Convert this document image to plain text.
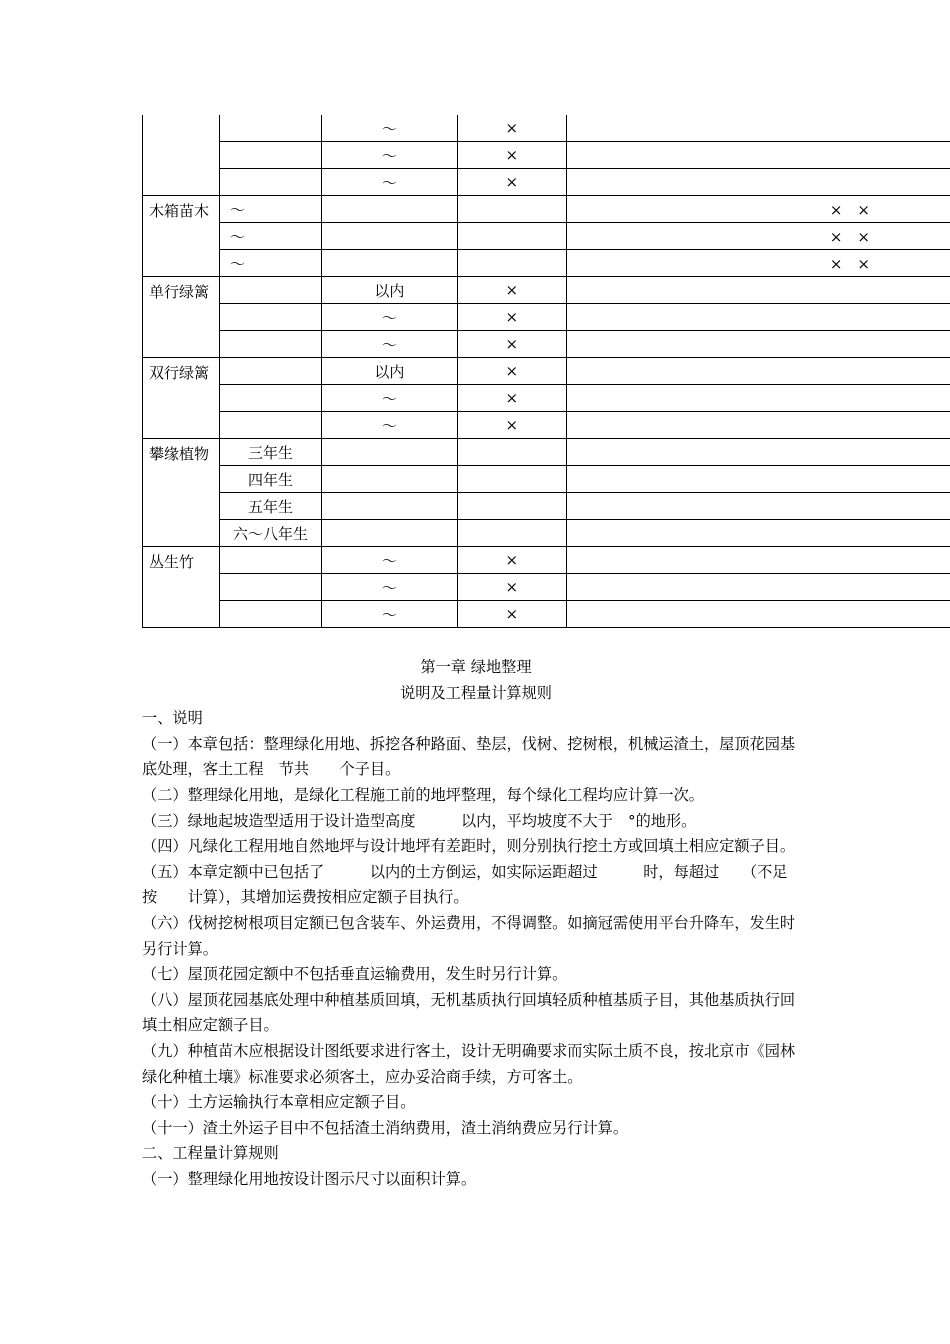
		～	×	
		～	×	
		～	×	
木箱苗木	～			×　×
	～			×　×
	～			×　×
单行绿篱		以内	×	
		～	×	
		～	×	
双行绿篱		以内	×	
		～	×	
		～	×	
攀缘植物	三年生			
	四年生			
	五年生			
	六～八年生			
丛生竹		～	×	
		～	×	
		～	×	

第一章 绿地整理

说明及工程量计算规则

一、说明

（一）本章包括：整理绿化用地、拆挖各种路面、垫层，伐树、挖树根，机械运渣土，屋顶花园基底处理，客土工程　节共　　个子目。

（二）整理绿化用地，是绿化工程施工前的地坪整理，每个绿化工程均应计算一次。

（三）绿地起坡造型适用于设计造型高度　　　以内，平均坡度不大于　°的地形。

（四）凡绿化工程用地自然地坪与设计地坪有差距时，则分别执行挖土方或回填土相应定额子目。

（五）本章定额中已包括了　　　以内的土方倒运，如实际运距超过　　　时，每超过　　（不足　　按　　计算），其增加运费按相应定额子目执行。

（六）伐树挖树根项目定额已包含装车、外运费用，不得调整。如摘冠需使用平台升降车，发生时另行计算。

（七）屋顶花园定额中不包括垂直运输费用，发生时另行计算。

（八）屋顶花园基底处理中种植基质回填，无机基质执行回填轻质种植基质子目，其他基质执行回填土相应定额子目。

（九）种植苗木应根据设计图纸要求进行客土，设计无明确要求而实际土质不良，按北京市《园林绿化种植土壤》标准要求必须客土，应办妥洽商手续，方可客土。

（十）土方运输执行本章相应定额子目。

（十一）渣土外运子目中不包括渣土消纳费用，渣土消纳费应另行计算。

二、工程量计算规则

（一）整理绿化用地按设计图示尺寸以面积计算。
